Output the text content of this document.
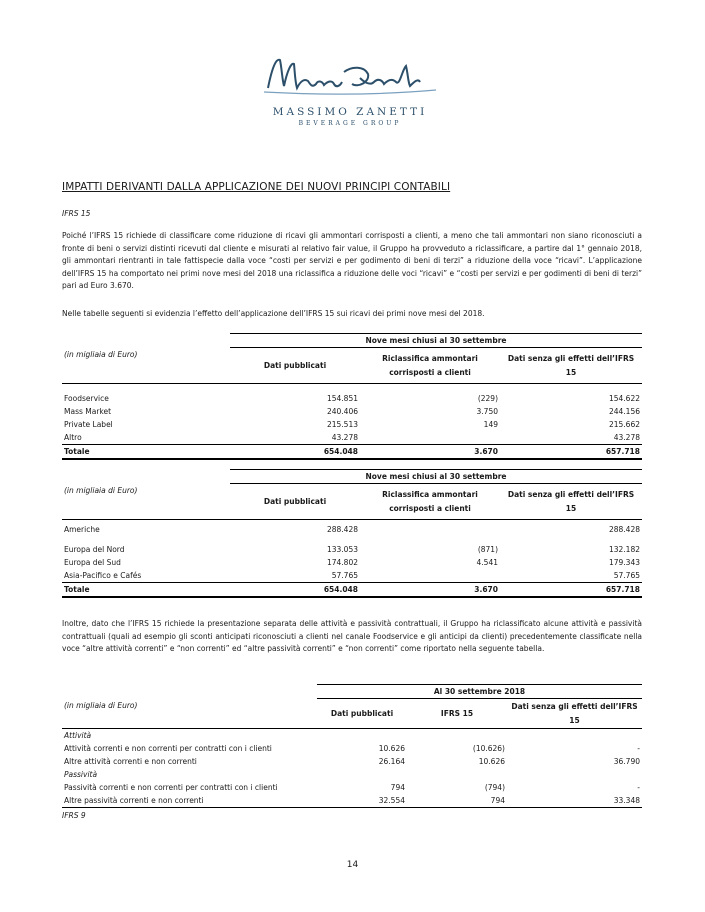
MASSIMO ZANETTI
BEVERAGE GROUP
IMPATTI DERIVANTI DALLA APPLICAZIONE DEI NUOVI PRINCIPI CONTABILI
IFRS 15
Poiché l’IFRS 15 richiede di classificare come riduzione di ricavi gli ammontari corrisposti a clienti, a meno che tali ammontari non siano riconosciuti a fronte di beni o servizi distinti ricevuti dal cliente e misurati al relativo fair value, il Gruppo ha provveduto a riclassificare, a partire dal 1° gennaio 2018, gli ammontari rientranti in tale fattispecie dalla voce “costi per servizi e per godimento di beni di terzi” a riduzione della voce “ricavi”. L’applicazione dell’IFRS 15 ha comportato nei primi nove mesi del 2018 una riclassifica a riduzione delle voci “ricavi” e “costi per servizi e per godimenti di beni di terzi” pari ad Euro 3.670.
Nelle tabelle seguenti si evidenzia l’effetto dell’applicazione dell’IFRS 15 sui ricavi dei primi nove mesi del 2018.
	Nove mesi chiusi al 30 settembre		
(in migliaia di Euro)	Dati pubblicati	Riclassifica ammontari corrisposti a clienti	Dati senza gli effetti dell’IFRS 15

Foodservice	154.851	(229)	154.622
Mass Market	240.406	3.750	244.156
Private Label	215.513	149	215.662
Altro	43.278		43.278
Totale	654.048	3.670	657.718
	Nove mesi chiusi al 30 settembre		
(in migliaia di Euro)	Dati pubblicati	Riclassifica ammontari corrisposti a clienti	Dati senza gli effetti dell’IFRS 15

Americhe	288.428		288.428

Europa del Nord	133.053	(871)	132.182
Europa del Sud	174.802	4.541	179.343
Asia-Pacifico e Cafés	57.765		57.765
Totale	654.048	3.670	657.718
Inoltre, dato che l’IFRS 15 richiede la presentazione separata delle attività e passività contrattuali, il Gruppo ha riclassificato alcune attività e passività contrattuali (quali ad esempio gli sconti anticipati riconosciuti a clienti nel canale Foodservice e gli anticipi da clienti) precedentemente classificate nella voce “altre attività correnti” e “non correnti” ed “altre passività correnti” e “non correnti” come riportato nella seguente tabella.
	Al 30 settembre 2018		
(in migliaia di Euro)	Dati pubblicati	IFRS 15	Dati senza gli effetti dell’IFRS 15
Attività			
Attività correnti e non correnti per contratti con i clienti	10.626	(10.626)	-
Altre attività correnti e non correnti	26.164	10.626	36.790
Passività			
Passività correnti e non correnti per contratti con i clienti	794	(794)	-
Altre passività correnti e non correnti	32.554	794	33.348
IFRS 9
14
